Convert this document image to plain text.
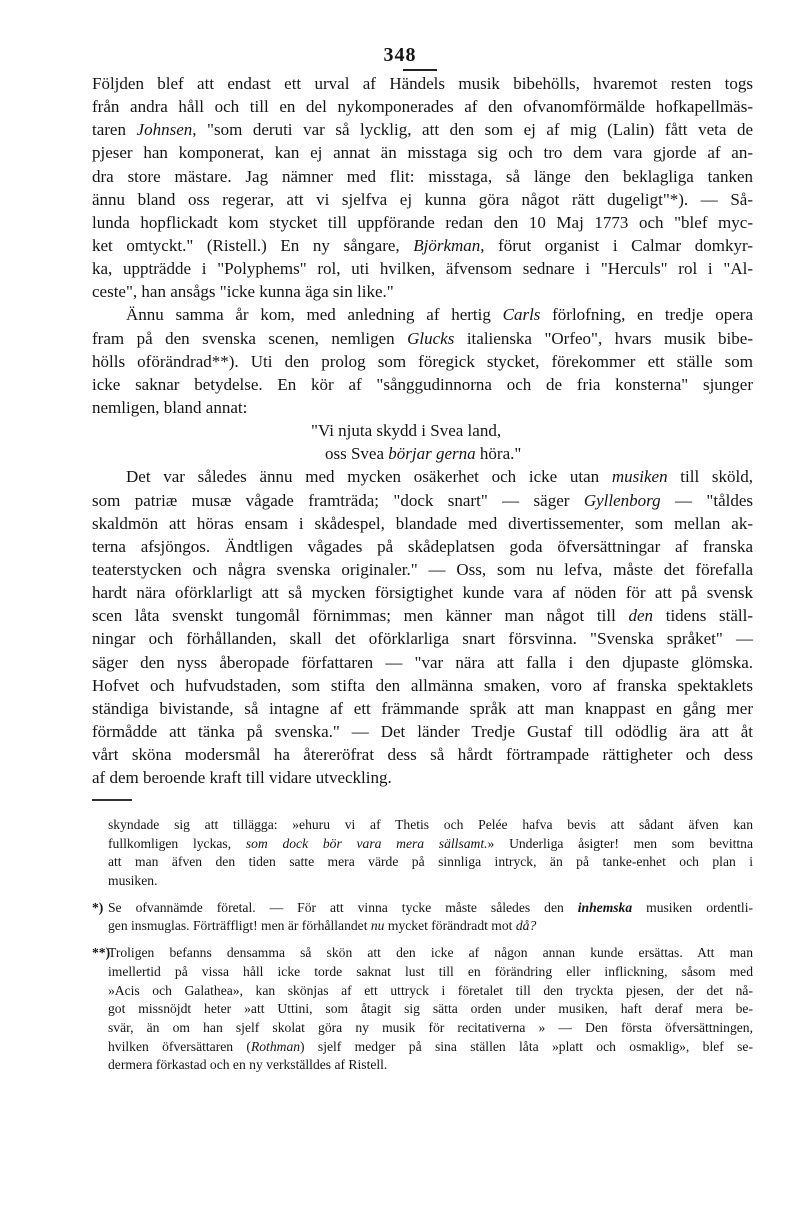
348
Följden blef att endast ett urval af Händels musik bibehölls, hvaremot resten togs
från andra håll och till en del nykomponerades af den ofvanomförmälde hofkapellmäs-
taren Johnsen, "som deruti var så lycklig, att den som ej af mig (Lalin) fått veta de
pjeser han komponerat, kan ej annat än misstaga sig och tro dem vara gjorde af an-
dra store mästare. Jag nämner med flit: misstaga, så länge den beklagliga tanken
ännu bland oss regerar, att vi sjelfva ej kunna göra något rätt dugeligt"*). — Så-
lunda hopflickadt kom stycket till uppförande redan den 10 Maj 1773 och "blef myc-
ket omtyckt." (Ristell.) En ny sångare, Björkman, förut organist i Calmar domkyr-
ka, uppträdde i "Polyphems" rol, uti hvilken, äfvensom sednare i "Herculs" rol i "Al-
ceste", han ansågs "icke kunna äga sin like."
Ännu samma år kom, med anledning af hertig Carls förlofning, en tredje opera
fram på den svenska scenen, nemligen Glucks italienska "Orfeo", hvars musik bibe-
hölls oförändrad**). Uti den prolog som föregick stycket, förekommer ett ställe som
icke saknar betydelse. En kör af "sånggudinnorna och de fria konsterna" sjunger
nemligen, bland annat:
"Vi njuta skydd i Svea land,
oss Svea börjar gerna höra."
Det var således ännu med mycken osäkerhet och icke utan musiken till sköld,
som patriæ musæ vågade framträda; "dock snart" — säger Gyllenborg — "tåldes
skaldmön att höras ensam i skådespel, blandade med divertissementer, som mellan ak-
terna afsjöngos. Ändtligen vågades på skådeplatsen goda öfversättningar af franska
teaterstycken och några svenska originaler." — Oss, som nu lefva, måste det förefalla
hardt nära oförklarligt att så mycken försigtighet kunde vara af nöden för att på svensk
scen låta svenskt tungomål förnimmas; men känner man något till den tidens ställ-
ningar och förhållanden, skall det oförklarliga snart försvinna. "Svenska språket" —
säger den nyss åberopade författaren — "var nära att falla i den djupaste glömska.
Hofvet och hufvudstaden, som stifta den allmänna smaken, voro af franska spektaklets
ständiga bivistande, så intagne af ett främmande språk att man knappast en gång mer
förmådde att tänka på svenska." — Det länder Tredje Gustaf till odödlig ära att åt
vårt sköna modersmål ha återeröfrat dess så hårdt förtrampade rättigheter och dess
af dem beroende kraft till vidare utveckling.
skyndade sig att tillägga: »ehuru vi af Thetis och Pelée hafva bevis att sådant äfven kan
fullkomligen lyckas, som dock bör vara mera sällsamt.» Underliga åsigter! men som bevittna
att man äfven den tiden satte mera värde på sinnliga intryck, än på tanke-enhet och plan i
musiken.
*) Se ofvannämde företal. — För att vinna tycke måste således den inhemska musiken ordentli-
gen insmuglas. Förträffligt! men är förhållandet nu mycket förändradt mot då?
**)
Troligen befanns densamma så skön att den icke af någon annan kunde ersättas. Att man
imellertid på vissa håll icke torde saknat lust till en förändring eller inflickning, såsom med
»Acis och Galathea», kan skönjas af ett uttryck i företalet till den tryckta pjesen, der det nå-
got missnöjdt heter »att Uttini, som åtagit sig sätta orden under musiken, haft deraf mera be-
svär, än om han sjelf skolat göra ny musik för recitativerna » — Den första öfversättningen,
hvilken öfversättaren (Rothman) sjelf medger på sina ställen låta »platt och osmaklig», blef se-
dermera förkastad och en ny verkställdes af Ristell.
